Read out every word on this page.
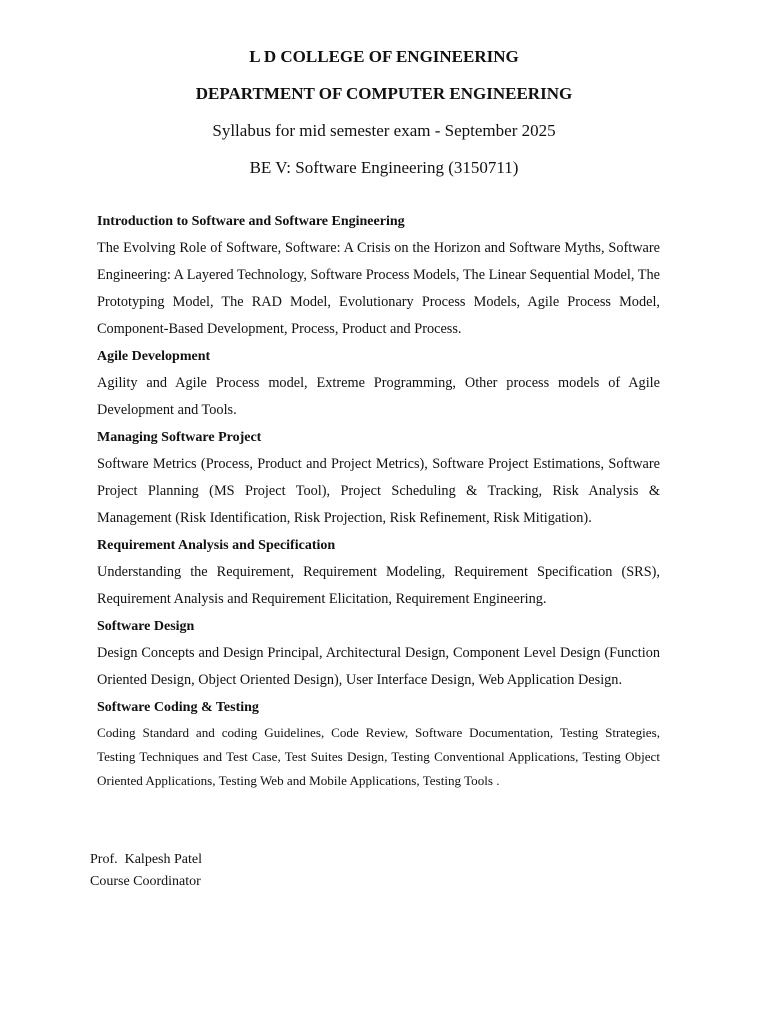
L D COLLEGE OF ENGINEERING
DEPARTMENT OF COMPUTER ENGINEERING
Syllabus for mid semester exam - September 2025
BE V: Software Engineering (3150711)
Introduction to Software and Software Engineering
The Evolving Role of Software, Software: A Crisis on the Horizon and Software Myths, Software Engineering: A Layered Technology, Software Process Models, The Linear Sequential Model, The Prototyping Model, The RAD Model, Evolutionary Process Models, Agile Process Model, Component-Based Development, Process, Product and Process.
Agile Development
Agility and Agile Process model, Extreme Programming, Other process models of Agile Development and Tools.
Managing Software Project
Software Metrics (Process, Product and Project Metrics), Software Project Estimations, Software Project Planning (MS Project Tool), Project Scheduling & Tracking, Risk Analysis & Management (Risk Identification, Risk Projection, Risk Refinement, Risk Mitigation).
Requirement Analysis and Specification
Understanding the Requirement, Requirement Modeling, Requirement Specification (SRS), Requirement Analysis and Requirement Elicitation, Requirement Engineering.
Software Design
Design Concepts and Design Principal, Architectural Design, Component Level Design (Function Oriented Design, Object Oriented Design), User Interface Design, Web Application Design.
Software Coding & Testing
Coding Standard and coding Guidelines, Code Review, Software Documentation, Testing Strategies, Testing Techniques and Test Case, Test Suites Design, Testing Conventional Applications, Testing Object Oriented Applications, Testing Web and Mobile Applications, Testing Tools .
Prof.  Kalpesh Patel
Course Coordinator
